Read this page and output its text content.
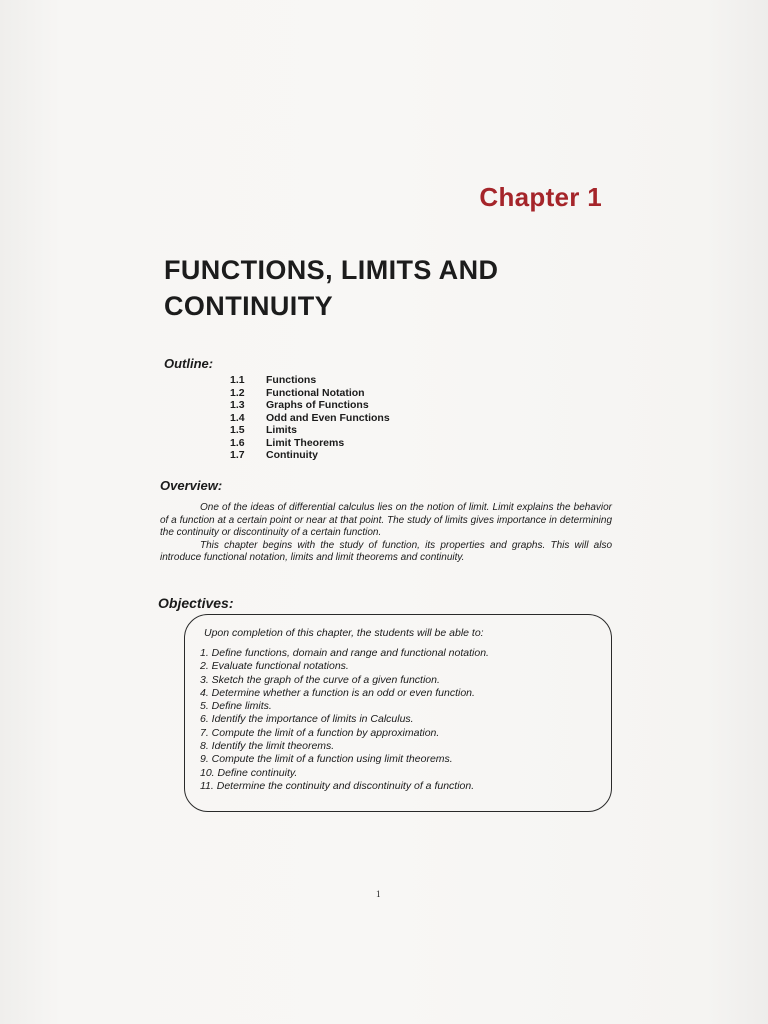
Chapter 1
FUNCTIONS, LIMITS AND CONTINUITY
Outline:
1.1	Functions
1.2	Functional Notation
1.3	Graphs of Functions
1.4	Odd and Even Functions
1.5	Limits
1.6	Limit Theorems
1.7	Continuity
Overview:

One of the ideas of differential calculus lies on the notion of limit. Limit explains the behavior of a function at a certain point or near at that point. The study of limits gives importance in determining the continuity or discontinuity of a certain function.

This chapter begins with the study of function, its properties and graphs. This will also introduce functional notation, limits and limit theorems and continuity.

Objectives:
Upon completion of this chapter, the students will be able to:
1. Define functions, domain and range and functional notation.
2. Evaluate functional notations.
3. Sketch the graph of the curve of a given function.
4. Determine whether a function is an odd or even function.
5. Define limits.
6. Identify the importance of limits in Calculus.
7. Compute the limit of a function by approximation.
8. Identify the limit theorems.
9. Compute the limit of a function using limit theorems.
10. Define continuity.
11. Determine the continuity and discontinuity of a function.
1
